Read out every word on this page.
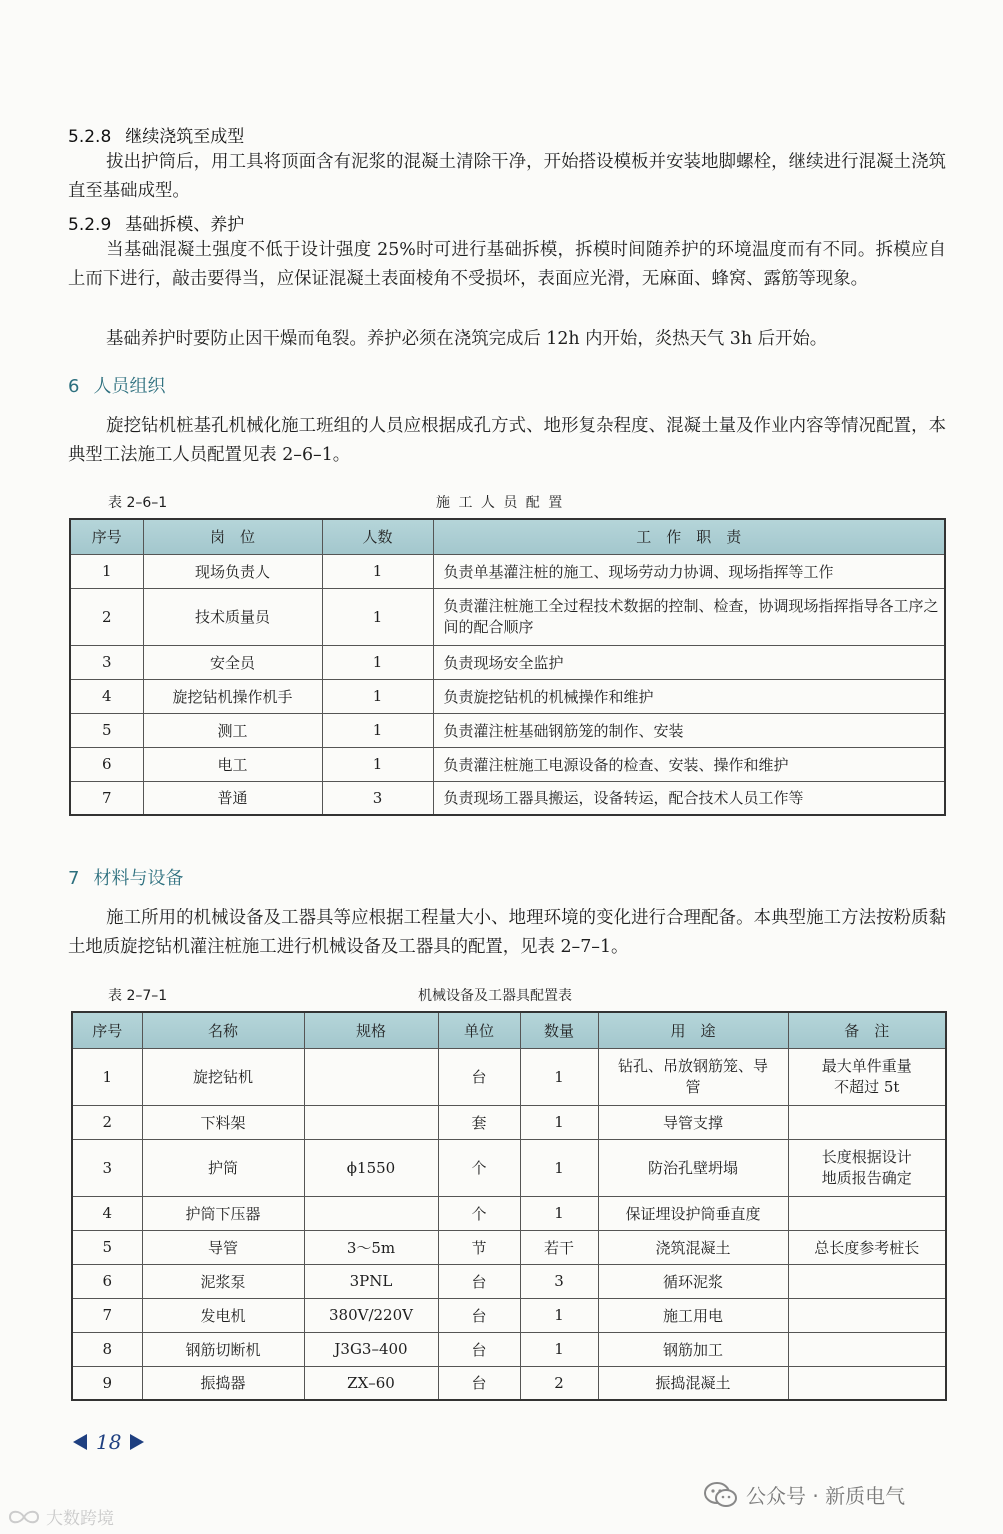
5.2.8 继续浇筑至成型
拔出护筒后，用工具将顶面含有泥浆的混凝土清除干净，开始搭设模板并安装地脚螺栓，继续进行混凝土浇筑直至基础成型。
5.2.9 基础拆模、养护
当基础混凝土强度不低于设计强度 25%时可进行基础拆模，拆模时间随养护的环境温度而有不同。拆模应自上而下进行，敲击要得当，应保证混凝土表面棱角不受损坏，表面应光滑，无麻面、蜂窝、露筋等现象。
基础养护时要防止因干燥而龟裂。养护必须在浇筑完成后 12h 内开始，炎热天气 3h 后开始。
6 人员组织
旋挖钻机桩基孔机械化施工班组的人员应根据成孔方式、地形复杂程度、混凝土量及作业内容等情况配置，本典型工法施工人员配置见表 2–6–1。
表 2–6–1	施 工 人 员 配 置
序号	岗　位	人数	工　作　职　责
1	现场负责人	1	负责单基灌注桩的施工、现场劳动力协调、现场指挥等工作
2	技术质量员	1	负责灌注桩施工全过程技术数据的控制、检查，协调现场指挥指导各工序之间的配合顺序
3	安全员	1	负责现场安全监护
4	旋挖钻机操作机手	1	负责旋挖钻机的机械操作和维护
5	测工	1	负责灌注桩基础钢筋笼的制作、安装
6	电工	1	负责灌注桩施工电源设备的检查、安装、操作和维护
7	普通	3	负责现场工器具搬运，设备转运，配合技术人员工作等
7 材料与设备
施工所用的机械设备及工器具等应根据工程量大小、地理环境的变化进行合理配备。本典型施工方法按粉质黏土地质旋挖钻机灌注桩施工进行机械设备及工器具的配置，见表 2–7–1。
表 2–7–1	机械设备及工器具配置表
序号	名称	规格	单位	数量	用　途	备　注
1	旋挖钻机		台	1	钻孔、吊放钢筋笼、导管	最大单件重量不超过 5t
2	下料架		套	1	导管支撑	
3	护筒	ϕ1550	个	1	防治孔壁坍塌	长度根据设计地质报告确定
4	护筒下压器		个	1	保证埋设护筒垂直度	
5	导管	3～5m	节	若干	浇筑混凝土	总长度参考桩长
6	泥浆泵	3PNL	台	3	循环泥浆	
7	发电机	380V/220V	台	1	施工用电	
8	钢筋切断机	J3G3–400	台	1	钢筋加工	
9	振捣器	ZX–60	台	2	振捣混凝土	
18
公众号 · 新质电气
大数跨境
